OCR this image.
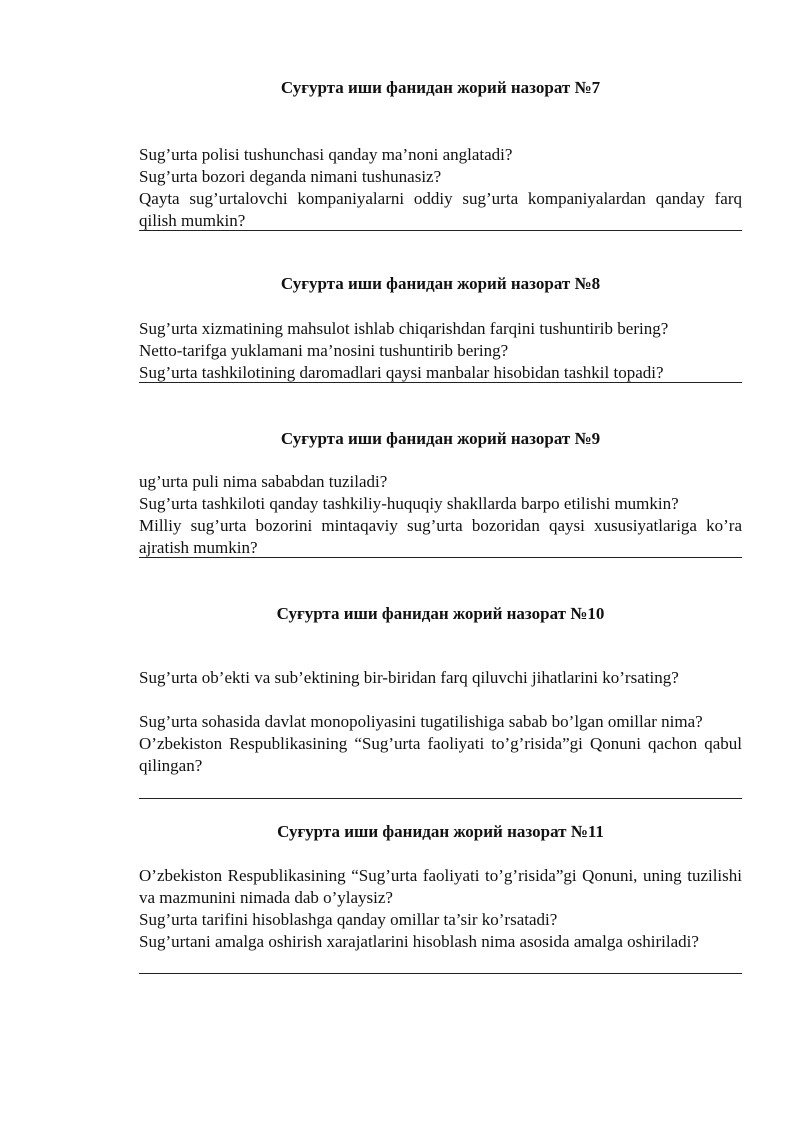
Суғурта иши фанидан жорий назорат №7

Sug’urta polisi tushunchasi qanday ma’noni anglatadi?

Sug’urta bozori deganda nimani tushunasiz?

Qayta sug’urtalovchi kompaniyalarni oddiy sug’urta kompaniyalardan qanday farq qilish mumkin?

Суғурта иши фанидан жорий назорат №8

Sug’urta xizmatining mahsulot ishlab chiqarishdan farqini tushuntirib bering?

Netto-tarifga yuklamani ma’nosini tushuntirib bering?

Sug’urta tashkilotining daromadlari qaysi manbalar hisobidan tashkil topadi?

Суғурта иши фанидан жорий назорат №9

ug’urta puli nima sababdan tuziladi?

Sug’urta tashkiloti qanday tashkiliy-huquqiy shakllarda barpo etilishi mumkin?

Milliy sug’urta bozorini mintaqaviy sug’urta bozoridan qaysi xususiyatlariga ko’ra ajratish mumkin?

Суғурта иши фанидан жорий назорат №10

Sug’urta ob’ekti va sub’ektining bir-biridan farq qiluvchi jihatlarini ko’rsating?

Sug’urta sohasida davlat monopoliyasini tugatilishiga sabab bo’lgan omillar nima?

O’zbekiston Respublikasining “Sug’urta faoliyati to’g’risida”gi Qonuni qachon qabul qilingan?

Суғурта иши фанидан жорий назорат №11

O’zbekiston Respublikasining “Sug’urta faoliyati to’g’risida”gi Qonuni, uning tuzilishi va mazmunini nimada dab o’ylaysiz?

Sug’urta tarifini hisoblashga qanday omillar ta’sir ko’rsatadi?

Sug’urtani amalga oshirish xarajatlarini hisoblash nima asosida amalga oshiriladi?
